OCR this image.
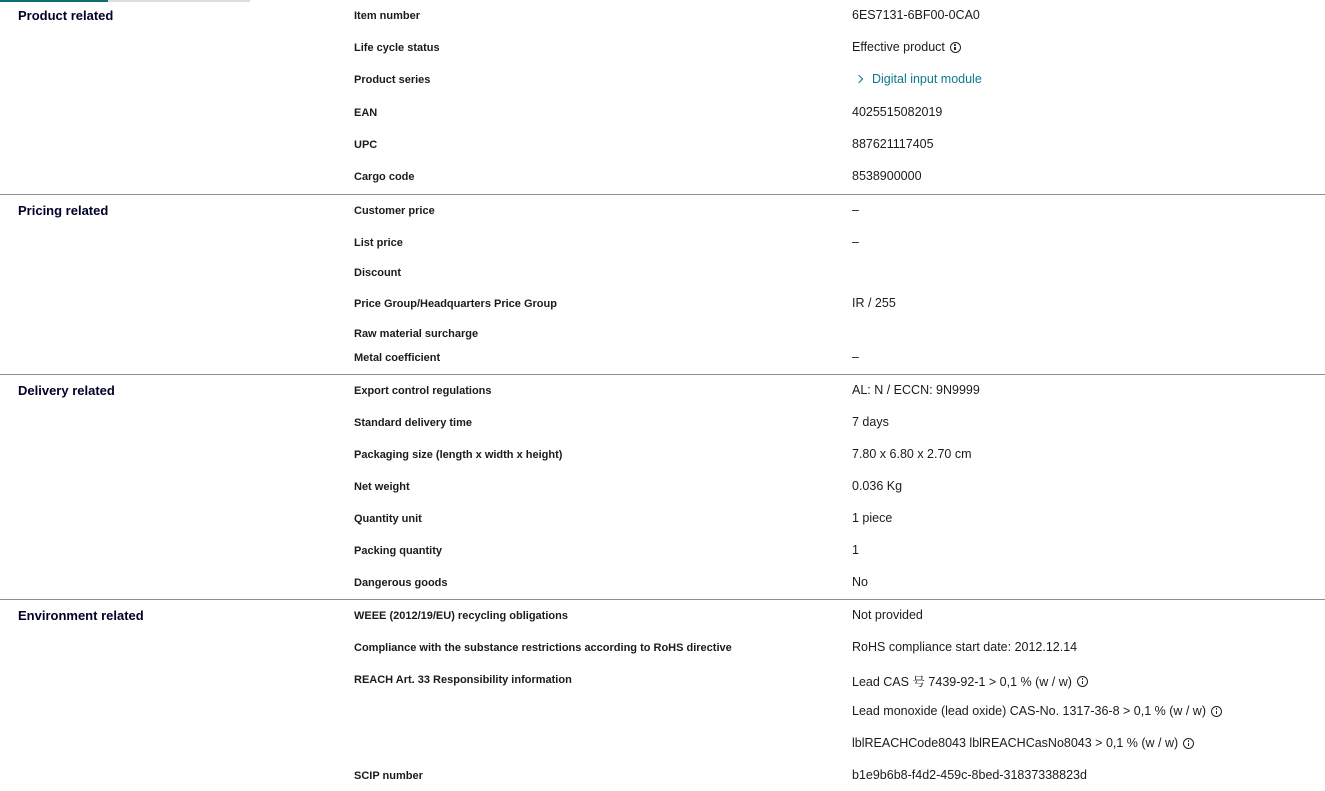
Product related	Item number	6ES7131-6BF00-0CA0
Life cycle status	Effective product
Product series	Digital input module
EAN	4025515082019
UPC	887621117405
Cargo code	8538900000
Pricing related	Customer price	–
List price	–
Discount
Price Group/Headquarters Price Group	IR / 255
Raw material surcharge
Metal coefficient	–
Delivery related	Export control regulations	AL: N / ECCN: 9N9999
Standard delivery time	7 days
Packaging size (length x width x height)	7.80 x 6.80 x 2.70 cm
Net weight	0.036 Kg
Quantity unit	1 piece
Packing quantity	1
Dangerous goods	No
Environment related	WEEE (2012/19/EU) recycling obligations	Not provided
Compliance with the substance restrictions according to RoHS directive	RoHS compliance start date: 2012.12.14
REACH Art. 33 Responsibility information	Lead CAS 号 7439-92-1 > 0,1 % (w / w)
Lead monoxide (lead oxide) CAS-No. 1317-36-8 > 0,1 % (w / w)
lblREACHCode8043 lblREACHCasNo8043 > 0,1 % (w / w)
SCIP number	b1e9b6b8-f4d2-459c-8bed-31837338823d
